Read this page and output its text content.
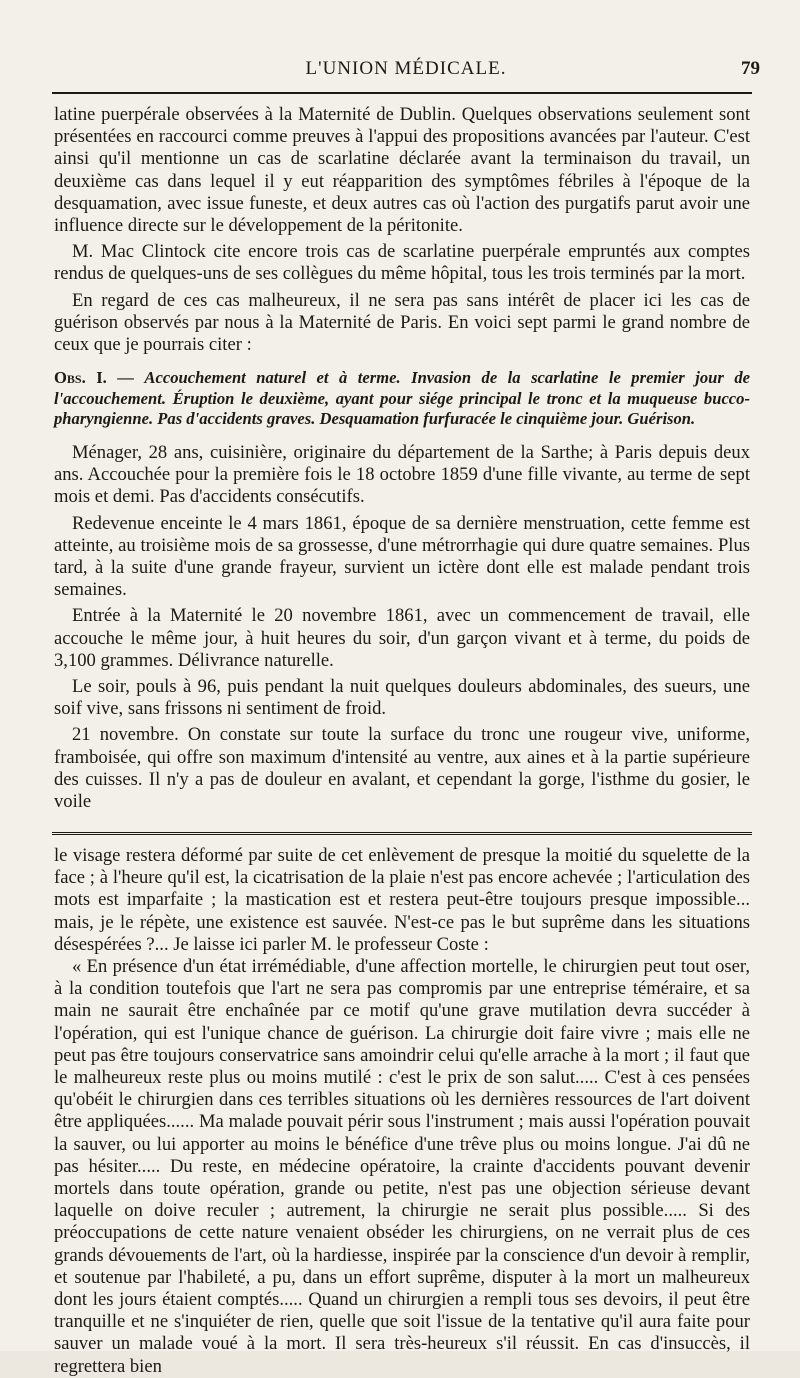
L'UNION MÉDICALE.	79

latine puerpérale observées à la Maternité de Dublin. Quelques observations seulement sont présentées en raccourci comme preuves à l'appui des propositions avancées par l'auteur. C'est ainsi qu'il mentionne un cas de scarlatine déclarée avant la terminaison du travail, un deuxième cas dans lequel il y eut réapparition des symptômes fébriles à l'époque de la desquamation, avec issue funeste, et deux autres cas où l'action des purgatifs parut avoir une influence directe sur le développement de la péritonite.

M. Mac Clintock cite encore trois cas de scarlatine puerpérale empruntés aux comptes rendus de quelques-uns de ses collègues du même hôpital, tous les trois terminés par la mort.

En regard de ces cas malheureux, il ne sera pas sans intérêt de placer ici les cas de guérison observés par nous à la Maternité de Paris. En voici sept parmi le grand nombre de ceux que je pourrais citer :

Obs. I. — Accouchement naturel et à terme. Invasion de la scarlatine le premier jour de l'accouchement. Éruption le deuxième, ayant pour siége principal le tronc et la muqueuse bucco-pharyngienne. Pas d'accidents graves. Desquamation furfuracée le cinquième jour. Guérison.

Ménager, 28 ans, cuisinière, originaire du département de la Sarthe; à Paris depuis deux ans. Accouchée pour la première fois le 18 octobre 1859 d'une fille vivante, au terme de sept mois et demi. Pas d'accidents consécutifs.

Redevenue enceinte le 4 mars 1861, époque de sa dernière menstruation, cette femme est atteinte, au troisième mois de sa grossesse, d'une métrorrhagie qui dure quatre semaines. Plus tard, à la suite d'une grande frayeur, survient un ictère dont elle est malade pendant trois semaines.

Entrée à la Maternité le 20 novembre 1861, avec un commencement de travail, elle accouche le même jour, à huit heures du soir, d'un garçon vivant et à terme, du poids de 3,100 grammes. Délivrance naturelle.

Le soir, pouls à 96, puis pendant la nuit quelques douleurs abdominales, des sueurs, une soif vive, sans frissons ni sentiment de froid.

21 novembre. On constate sur toute la surface du tronc une rougeur vive, uniforme, framboisée, qui offre son maximum d'intensité au ventre, aux aines et à la partie supérieure des cuisses. Il n'y a pas de douleur en avalant, et cependant la gorge, l'isthme du gosier, le voile

le visage restera déformé par suite de cet enlèvement de presque la moitié du squelette de la face ; à l'heure qu'il est, la cicatrisation de la plaie n'est pas encore achevée ; l'articulation des mots est imparfaite ; la mastication est et restera peut-être toujours presque impossible... mais, je le répète, une existence est sauvée. N'est-ce pas le but suprême dans les situations désespérées ?... Je laisse ici parler M. le professeur Coste :

« En présence d'un état irrémédiable, d'une affection mortelle, le chirurgien peut tout oser, à la condition toutefois que l'art ne sera pas compromis par une entreprise téméraire, et sa main ne saurait être enchaînée par ce motif qu'une grave mutilation devra succéder à l'opération, qui est l'unique chance de guérison. La chirurgie doit faire vivre ; mais elle ne peut pas être toujours conservatrice sans amoindrir celui qu'elle arrache à la mort ; il faut que le malheureux reste plus ou moins mutilé : c'est le prix de son salut..... C'est à ces pensées qu'obéit le chirurgien dans ces terribles situations où les dernières ressources de l'art doivent être appliquées...... Ma malade pouvait périr sous l'instrument ; mais aussi l'opération pouvait la sauver, ou lui apporter au moins le bénéfice d'une trêve plus ou moins longue. J'ai dû ne pas hésiter..... Du reste, en médecine opératoire, la crainte d'accidents pouvant devenir mortels dans toute opération, grande ou petite, n'est pas une objection sérieuse devant laquelle on doive reculer ; autrement, la chirurgie ne serait plus possible..... Si des préoccupations de cette nature venaient obséder les chirurgiens, on ne verrait plus de ces grands dévouements de l'art, où la hardiesse, inspirée par la conscience d'un devoir à remplir, et soutenue par l'habileté, a pu, dans un effort suprême, disputer à la mort un malheureux dont les jours étaient comptés..... Quand un chirurgien a rempli tous ses devoirs, il peut être tranquille et ne s'inquiéter de rien, quelle que soit l'issue de la tentative qu'il aura faite pour sauver un malade voué à la mort. Il sera très-heureux s'il réussit. En cas d'insuccès, il regrettera bien
